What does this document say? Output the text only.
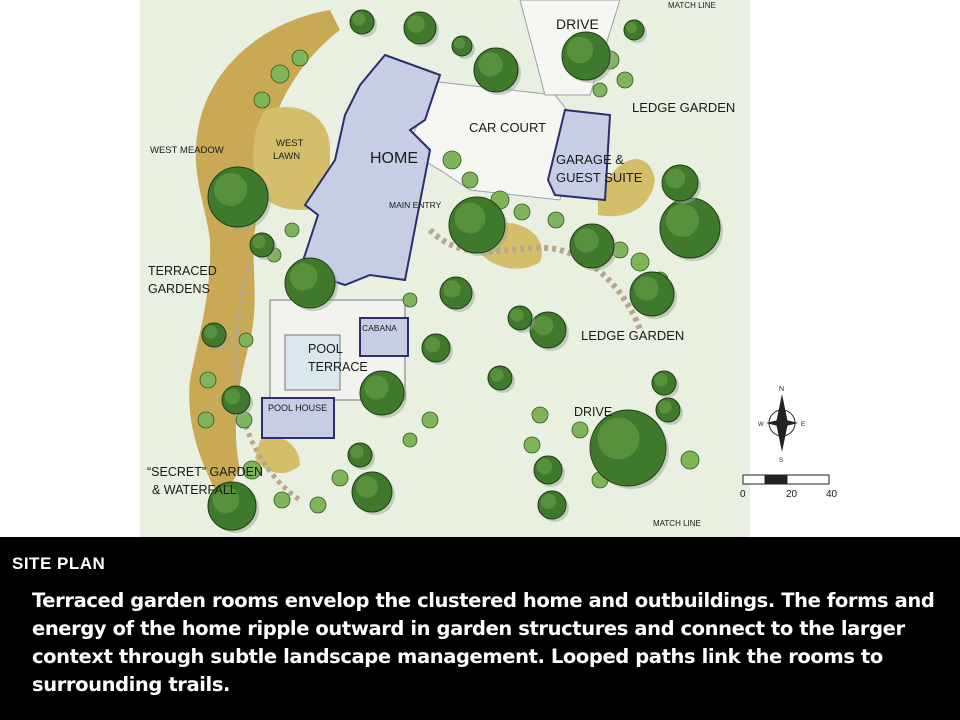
DRIVE
MATCH LINE
LEDGE GARDEN
CAR COURT
HOME
WEST MEADOW
WEST
LAWN	GARAGE &
GUEST SUITE
MAIN ENTRY
TERRACED
GARDENS
CABANA	LEDGE GARDEN
POOL
TERRACE
DRIVE
POOL HOUSE
“SECRET” GARDEN
& WATERFALL
MATCH LINE
N
S
W	E
0	20	40
SITE PLAN
Terraced garden rooms envelop the clustered home and outbuildings. The forms and energy of the home ripple outward in garden structures and connect to the larger context through subtle landscape management. Looped paths link the rooms to surrounding trails.
